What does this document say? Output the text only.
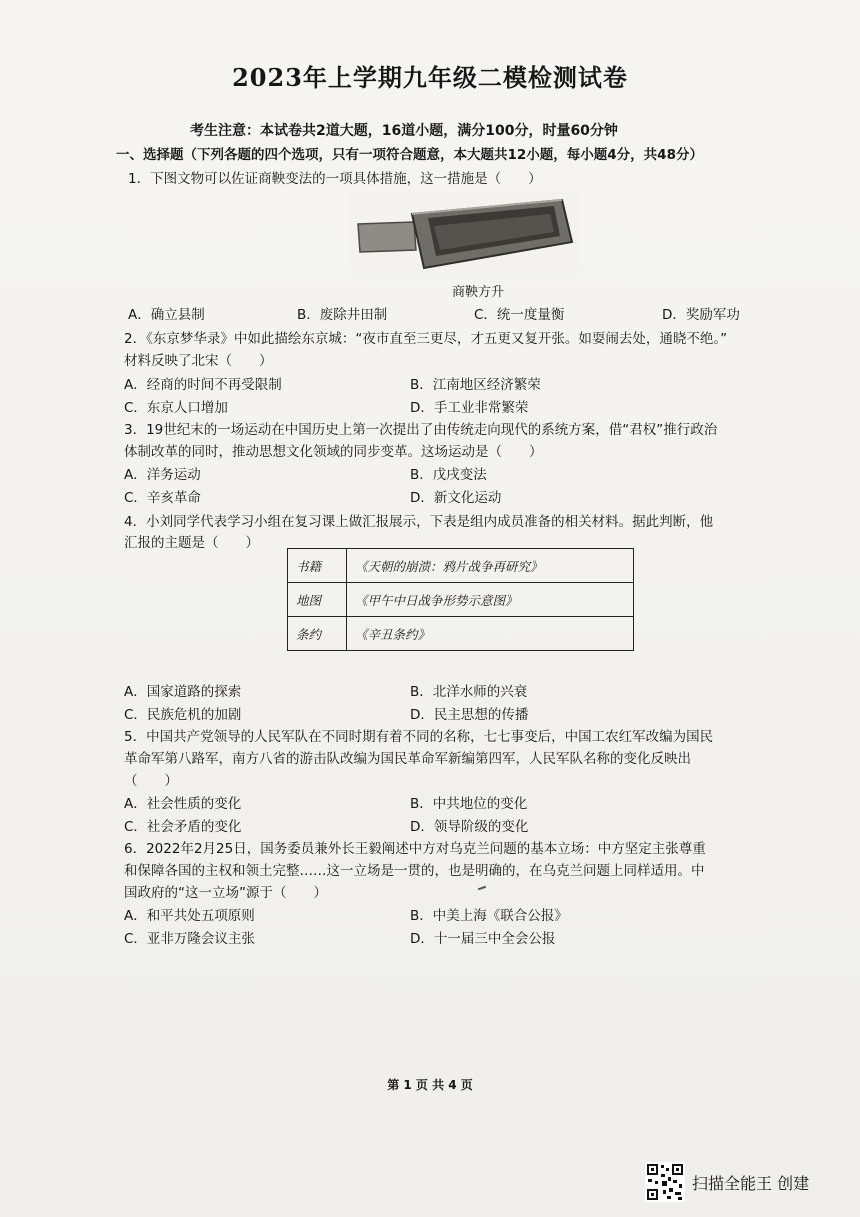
2023年上学期九年级二模检测试卷
考生注意：本试卷共2道大题，16道小题，满分100分，时量60分钟
一、选择题（下列各题的四个选项，只有一项符合题意，本大题共12小题，每小题4分，共48分）
1．下图文物可以佐证商鞅变法的一项具体措施，这一措施是（　　）
商鞅方升
A．确立县制	B．废除井田制	C．统一度量衡	D．奖励军功
2．《东京梦华录》中如此描绘东京城：“夜市直至三更尽，才五更又复开张。如耍闹去处，通晓不绝。”
材料反映了北宋（　　）
A．经商的时间不再受限制	B．江南地区经济繁荣
C．东京人口增加	D．手工业非常繁荣
3．19世纪末的一场运动在中国历史上第一次提出了由传统走向现代的系统方案，借“君权”推行政治
体制改革的同时，推动思想文化领域的同步变革。这场运动是（　　）
A．洋务运动	B．戊戌变法
C．辛亥革命	D．新文化运动
4．小刘同学代表学习小组在复习课上做汇报展示，下表是组内成员准备的相关材料。据此判断，他
汇报的主题是（　　）
书籍	《天朝的崩溃：鸦片战争再研究》
地图	《甲午中日战争形势示意图》
条约	《辛丑条约》
A．国家道路的探索	B．北洋水师的兴衰
C．民族危机的加剧	D．民主思想的传播
5．中国共产党领导的人民军队在不同时期有着不同的名称，七七事变后，中国工农红军改编为国民
革命军第八路军，南方八省的游击队改编为国民革命军新编第四军，人民军队名称的变化反映出
（　　）
A．社会性质的变化	B．中共地位的变化
C．社会矛盾的变化	D．领导阶级的变化
6．2022年2月25日，国务委员兼外长王毅阐述中方对乌克兰问题的基本立场：中方坚定主张尊重
和保障各国的主权和领土完整……这一立场是一贯的，也是明确的，在乌克兰问题上同样适用。中
国政府的“这一立场”源于（　　）
A．和平共处五项原则	B．中美上海《联合公报》
C．亚非万隆会议主张	D．十一届三中全会公报
第 1 页 共 4 页
扫描全能王 创建
